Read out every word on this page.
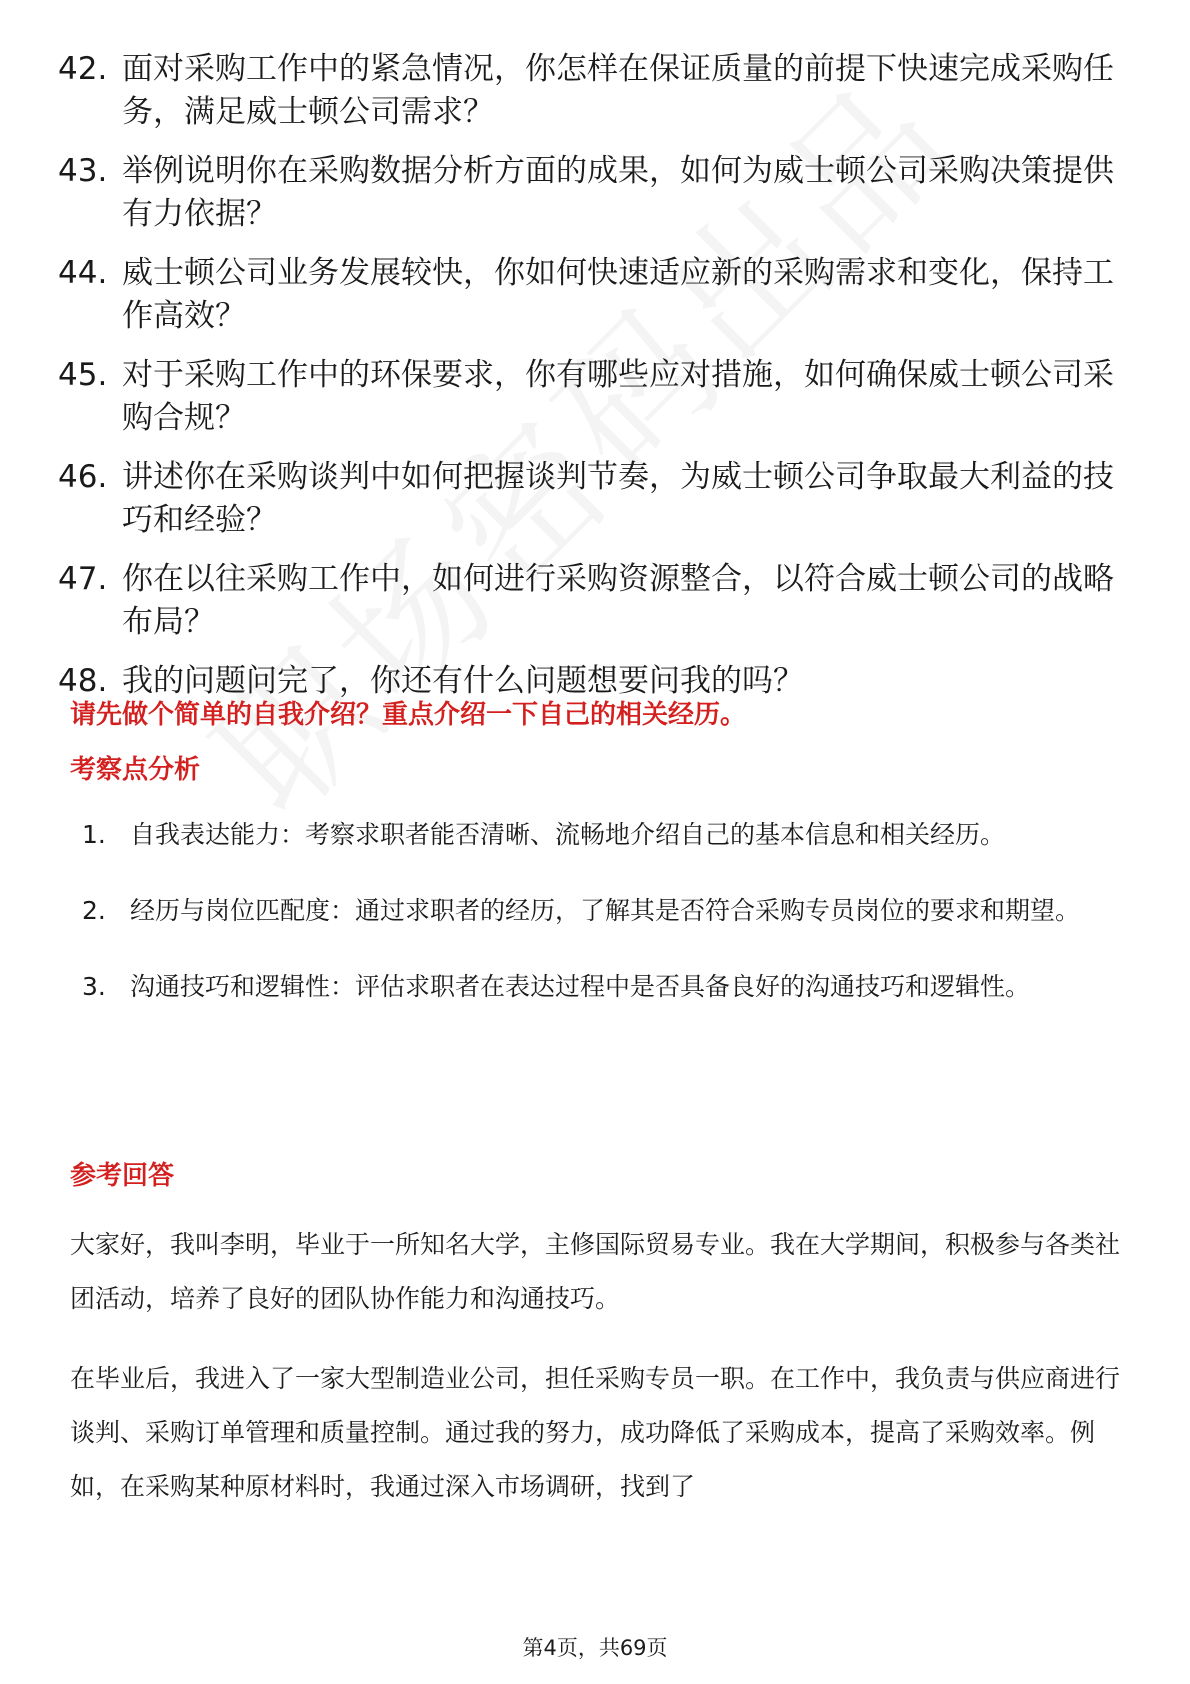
42. 面对采购工作中的紧急情况，你怎样在保证质量的前提下快速完成采购任务，满足威士顿公司需求？
43. 举例说明你在采购数据分析方面的成果，如何为威士顿公司采购决策提供有力依据？
44. 威士顿公司业务发展较快，你如何快速适应新的采购需求和变化，保持工作高效？
45. 对于采购工作中的环保要求，你有哪些应对措施，如何确保威士顿公司采购合规？
46. 讲述你在采购谈判中如何把握谈判节奏，为威士顿公司争取最大利益的技巧和经验？
47. 你在以往采购工作中，如何进行采购资源整合，以符合威士顿公司的战略布局？
48. 我的问题问完了，你还有什么问题想要问我的吗？
请先做个简单的自我介绍？重点介绍一下自己的相关经历。
考察点分析
1. 自我表达能力：考察求职者能否清晰、流畅地介绍自己的基本信息和相关经历。
2. 经历与岗位匹配度：通过求职者的经历，了解其是否符合采购专员岗位的要求和期望。
3. 沟通技巧和逻辑性：评估求职者在表达过程中是否具备良好的沟通技巧和逻辑性。
参考回答

大家好，我叫李明，毕业于一所知名大学，主修国际贸易专业。我在大学期间，积极参与各类社团活动，培养了良好的团队协作能力和沟通技巧。

在毕业后，我进入了一家大型制造业公司，担任采购专员一职。在工作中，我负责与供应商进行谈判、采购订单管理和质量控制。通过我的努力，成功降低了采购成本，提高了采购效率。例如，在采购某种原材料时，我通过深入市场调研，找到了

第4页，共69页
